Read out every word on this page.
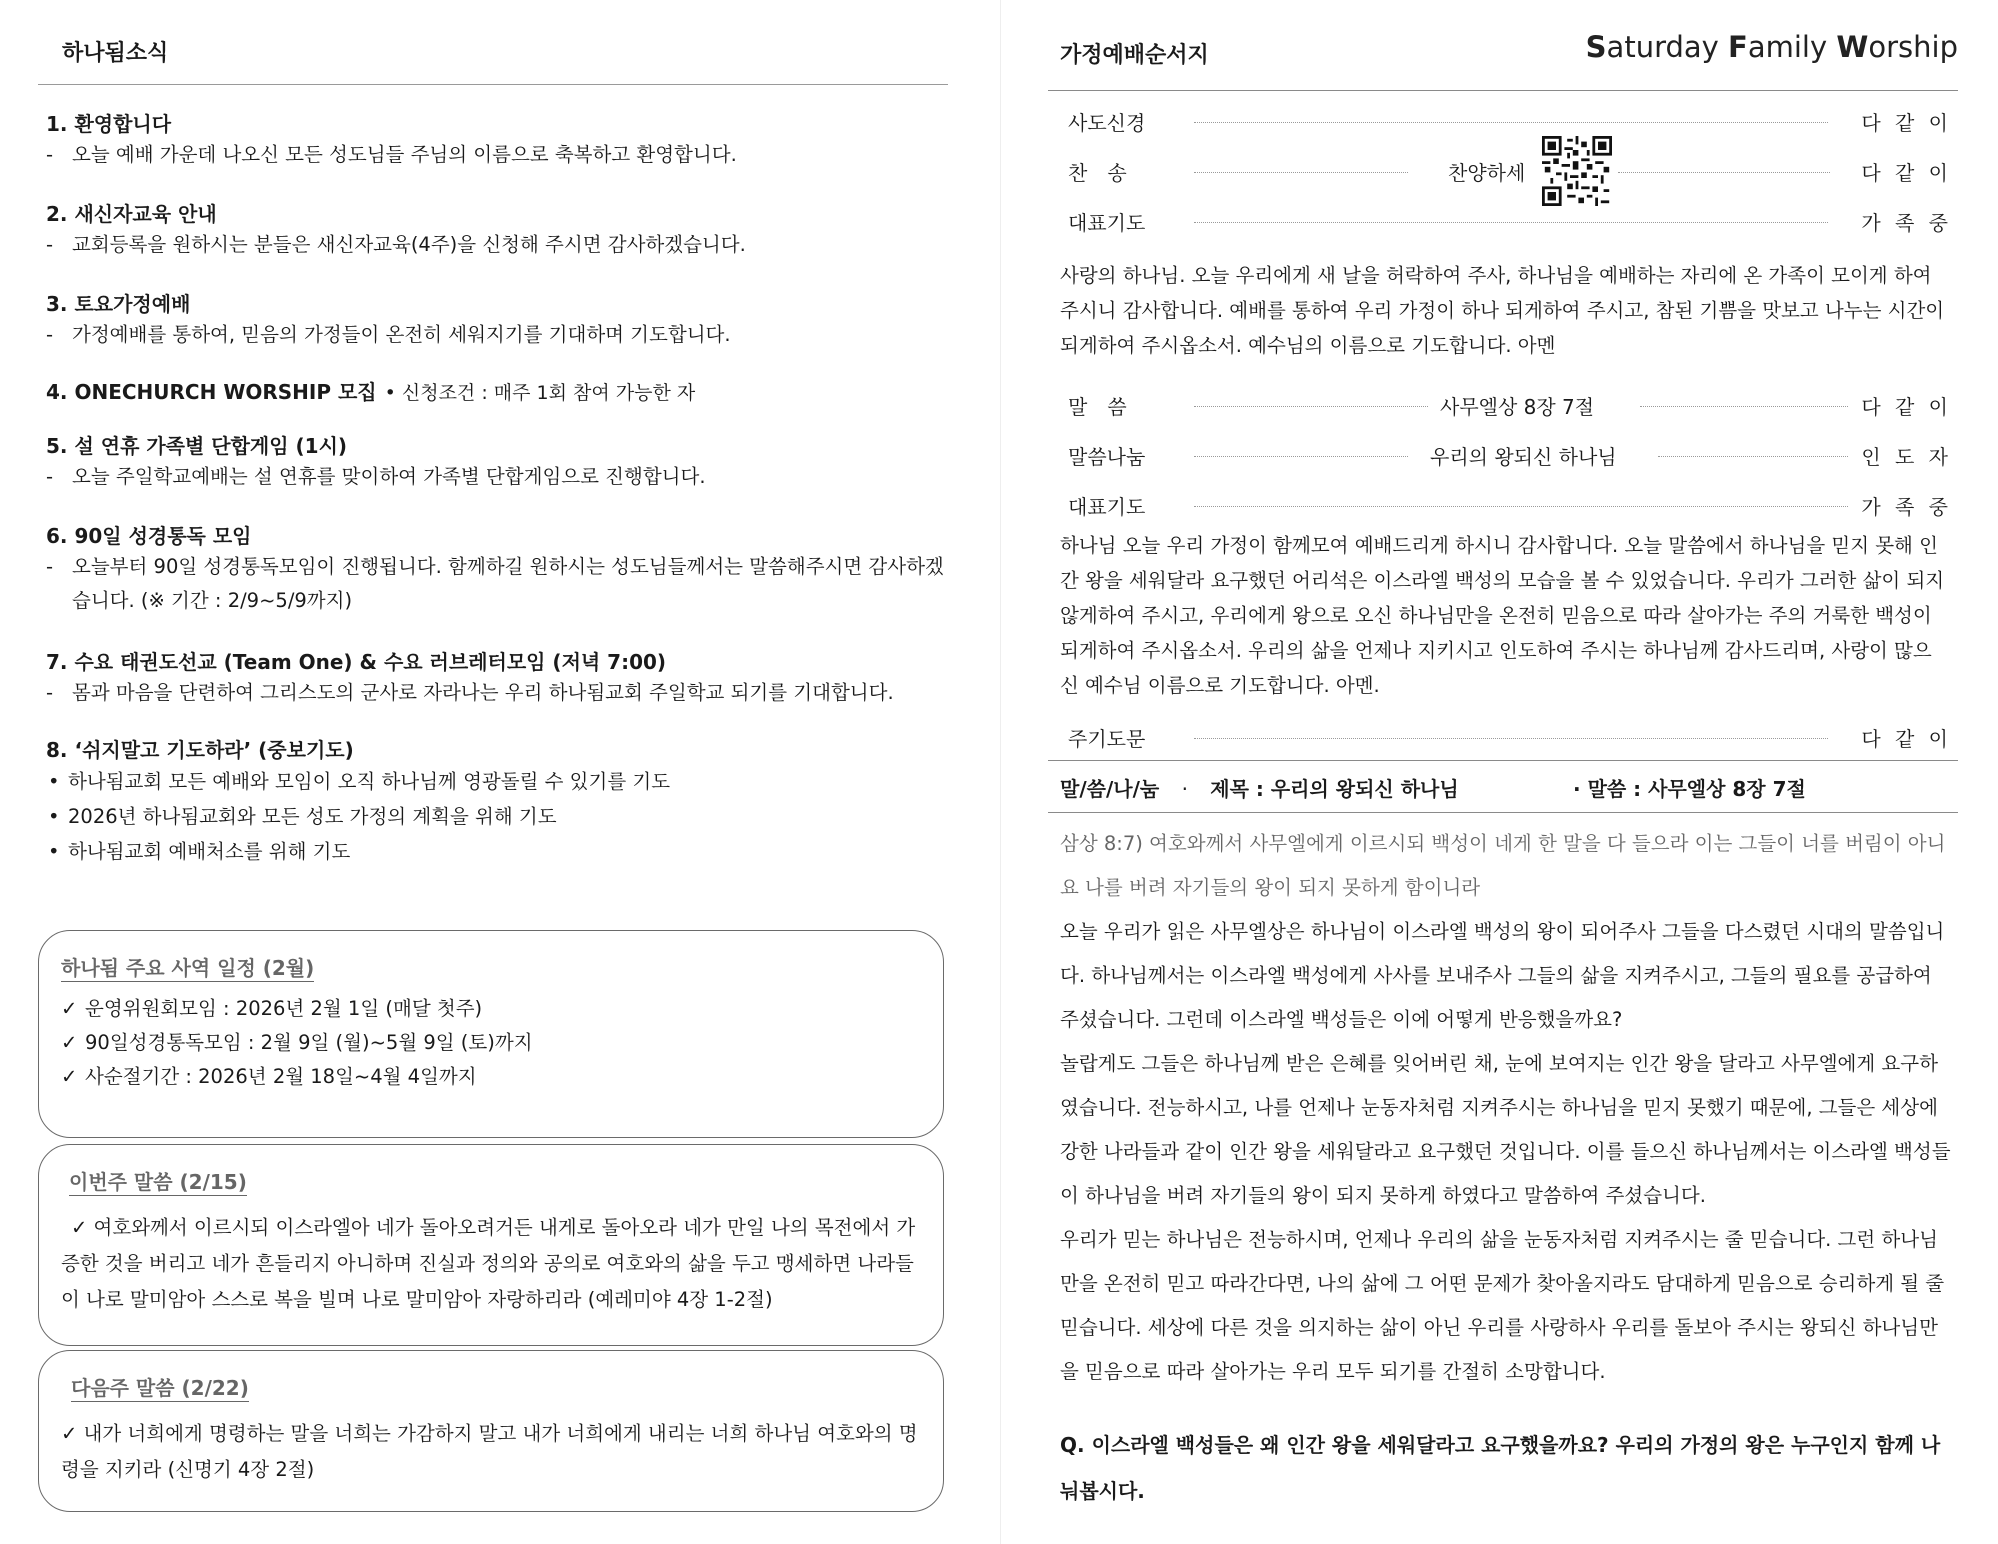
하나됨소식
1. 환영합니다
- 오늘 예배 가운데 나오신 모든 성도님들 주님의 이름으로 축복하고 환영합니다.
2. 새신자교육 안내
- 교회등록을 원하시는 분들은 새신자교육(4주)을 신청해 주시면 감사하겠습니다.
3. 토요가정예배
- 가정예배를 통하여, 믿음의 가정들이 온전히 세워지기를 기대하며 기도합니다.
4. ONECHURCH WORSHIP 모집 • 신청조건 : 매주 1회 참여 가능한 자
5. 설 연휴 가족별 단합게임 (1시)
- 오늘 주일학교예배는 설 연휴를 맞이하여 가족별 단합게임으로 진행합니다.
6. 90일 성경통독 모임
- 오늘부터 90일 성경통독모임이 진행됩니다. 함께하길 원하시는 성도님들께서는 말씀해주시면 감사하겠습니다. (※ 기간 : 2/9~5/9까지)
7. 수요 태권도선교 (Team One) & 수요 러브레터모임 (저녁 7:00)
- 몸과 마음을 단련하여 그리스도의 군사로 자라나는 우리 하나됨교회 주일학교 되기를 기대합니다.
8. ‘쉬지말고 기도하라’ (중보기도)
• 하나됨교회 모든 예배와 모임이 오직 하나님께 영광돌릴 수 있기를 기도
• 2026년 하나됨교회와 모든 성도 가정의 계획을 위해 기도
• 하나됨교회 예배처소를 위해 기도
하나됨 주요 사역 일정 (2월)
✓ 운영위원회모임 : 2026년 2월 1일 (매달 첫주)
✓ 90일성경통독모임 : 2월 9일 (월)~5월 9일 (토)까지
✓ 사순절기간 : 2026년 2월 18일~4월 4일까지
이번주 말씀 (2/15)

✓ 여호와께서 이르시되 이스라엘아 네가 돌아오려거든 내게로 돌아오라 네가 만일 나의 목전에서 가증한 것을 버리고 네가 흔들리지 아니하며 진실과 정의와 공의로 여호와의 삶을 두고 맹세하면 나라들이 나로 말미암아 스스로 복을 빌며 나로 말미암아 자랑하리라 (예레미야 4장 1-2절)

다음주 말씀 (2/22)

✓ 내가 너희에게 명령하는 말을 너희는 가감하지 말고 내가 너희에게 내리는 너희 하나님 여호와의 명령을 지키라 (신명기 4장 2절)

가정예배순서지	Saturday Family Worship
사도신경	다 같 이
찬송	찬양하세	다 같 이
대표기도	가 족 중

사랑의 하나님. 오늘 우리에게 새 날을 허락하여 주사, 하나님을 예배하는 자리에 온 가족이 모이게 하여 주시니 감사합니다. 예배를 통하여 우리 가정이 하나 되게하여 주시고, 참된 기쁨을 맛보고 나누는 시간이 되게하여 주시옵소서. 예수님의 이름으로 기도합니다. 아멘

말씀	사무엘상 8장 7절	다 같 이
말씀나눔	우리의 왕되신 하나님	인 도 자
대표기도	가 족 중

하나님 오늘 우리 가정이 함께모여 예배드리게 하시니 감사합니다. 오늘 말씀에서 하나님을 믿지 못해 인간 왕을 세워달라 요구했던 어리석은 이스라엘 백성의 모습을 볼 수 있었습니다. 우리가 그러한 삶이 되지 않게하여 주시고, 우리에게 왕으로 오신 하나님만을 온전히 믿음으로 따라 살아가는 주의 거룩한 백성이 되게하여 주시옵소서. 우리의 삶을 언제나 지키시고 인도하여 주시는 하나님께 감사드리며, 사랑이 많으신 예수님 이름으로 기도합니다. 아멘.

주기도문	다 같 이
말/씀/나/눔 · 제목 : 우리의 왕되신 하나님	· 말씀 : 사무엘상 8장 7절

삼상 8:7) 여호와께서 사무엘에게 이르시되 백성이 네게 한 말을 다 들으라 이는 그들이 너를 버림이 아니요 나를 버려 자기들의 왕이 되지 못하게 함이니라

오늘 우리가 읽은 사무엘상은 하나님이 이스라엘 백성의 왕이 되어주사 그들을 다스렸던 시대의 말씀입니다. 하나님께서는 이스라엘 백성에게 사사를 보내주사 그들의 삶을 지켜주시고, 그들의 필요를 공급하여 주셨습니다. 그런데 이스라엘 백성들은 이에 어떻게 반응했을까요?

놀랍게도 그들은 하나님께 받은 은혜를 잊어버린 채, 눈에 보여지는 인간 왕을 달라고 사무엘에게 요구하였습니다. 전능하시고, 나를 언제나 눈동자처럼 지켜주시는 하나님을 믿지 못했기 때문에, 그들은 세상에 강한 나라들과 같이 인간 왕을 세워달라고 요구했던 것입니다. 이를 들으신 하나님께서는 이스라엘 백성들이 하나님을 버려 자기들의 왕이 되지 못하게 하였다고 말씀하여 주셨습니다.

우리가 믿는 하나님은 전능하시며, 언제나 우리의 삶을 눈동자처럼 지켜주시는 줄 믿습니다. 그런 하나님만을 온전히 믿고 따라간다면, 나의 삶에 그 어떤 문제가 찾아올지라도 담대하게 믿음으로 승리하게 될 줄 믿습니다. 세상에 다른 것을 의지하는 삶이 아닌 우리를 사랑하사 우리를 돌보아 주시는 왕되신 하나님만을 믿음으로 따라 살아가는 우리 모두 되기를 간절히 소망합니다.

Q. 이스라엘 백성들은 왜 인간 왕을 세워달라고 요구했을까요? 우리의 가정의 왕은 누구인지 함께 나눠봅시다.
